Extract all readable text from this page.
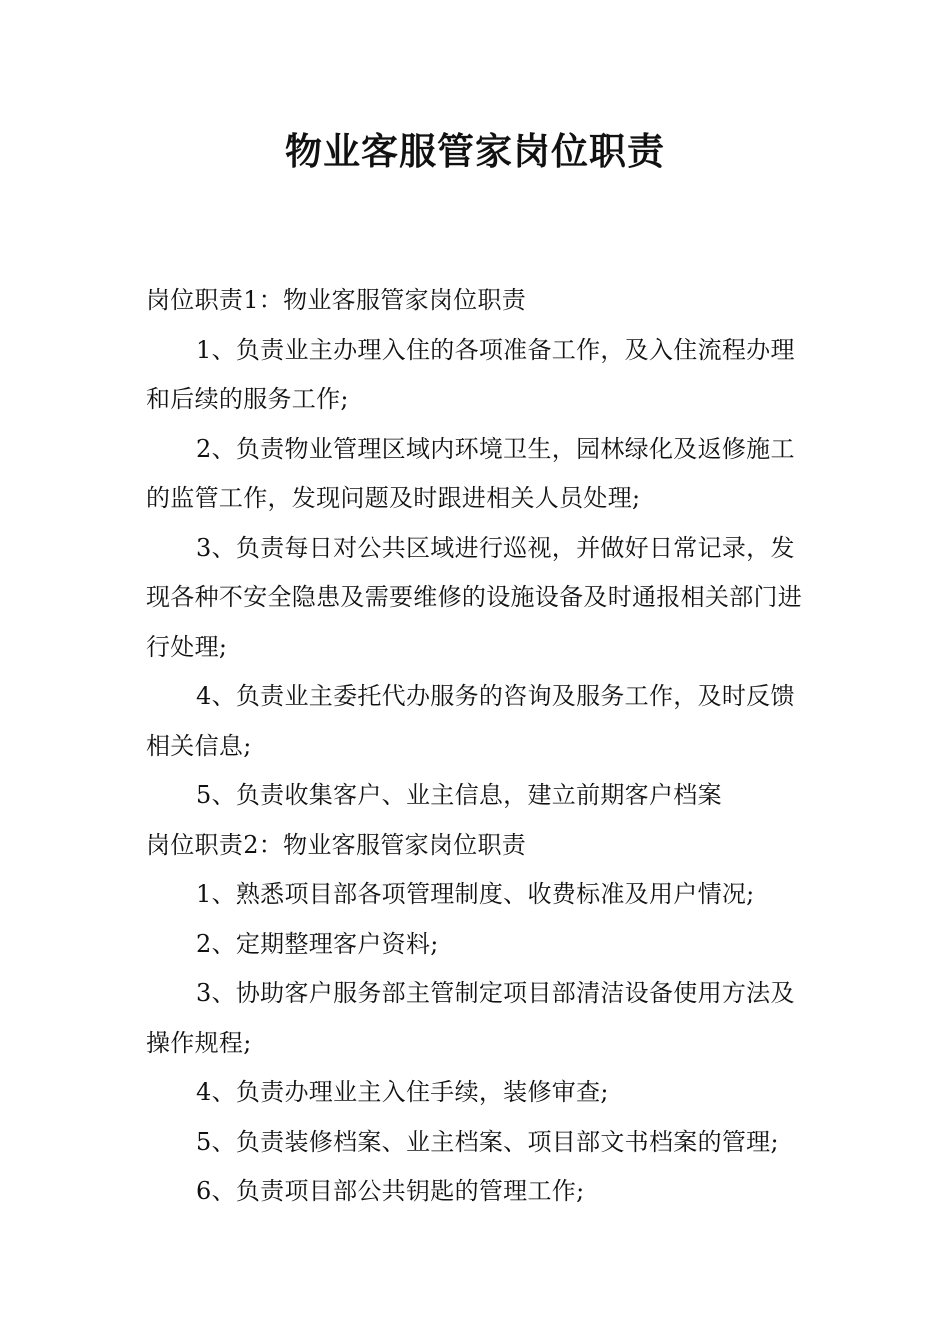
物业客服管家岗位职责

岗位职责1：物业客服管家岗位职责

1、负责业主办理入住的各项准备工作，及入住流程办理和后续的服务工作;

2、负责物业管理区域内环境卫生，园林绿化及返修施工的监管工作，发现问题及时跟进相关人员处理;

3、负责每日对公共区域进行巡视，并做好日常记录，发现各种不安全隐患及需要维修的设施设备及时通报相关部门进行处理;

4、负责业主委托代办服务的咨询及服务工作，及时反馈相关信息;

5、负责收集客户、业主信息，建立前期客户档案

岗位职责2：物业客服管家岗位职责

1、熟悉项目部各项管理制度、收费标准及用户情况;

2、定期整理客户资料;

3、协助客户服务部主管制定项目部清洁设备使用方法及操作规程;

4、负责办理业主入住手续，装修审查;

5、负责装修档案、业主档案、项目部文书档案的管理;

6、负责项目部公共钥匙的管理工作;
